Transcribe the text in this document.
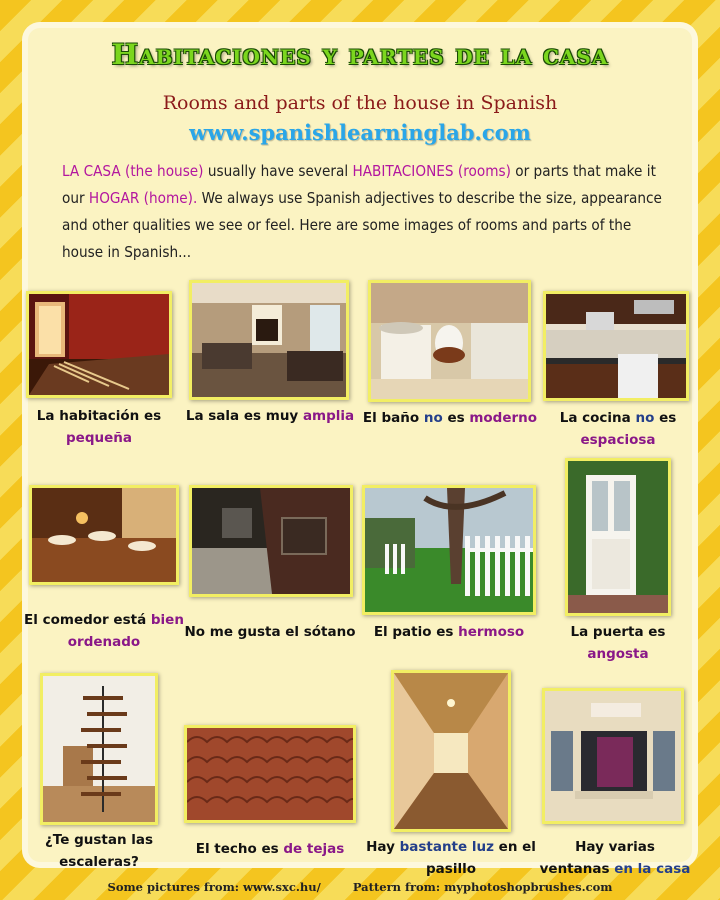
Habitaciones y partes de la casa
Rooms and parts of the house in Spanish
www.spanishlearninglab.com
LA CASA (the house) usually have several HABITACIONES (rooms) or parts that make it our HOGAR (home). We always use Spanish adjectives to describe the size, appearance and other qualities we see or feel. Here are some images of rooms and parts of the house in Spanish...
La habitación es pequeña
La sala es muy amplia El baño no es moderno	La cocina no es espaciosa
El comedor está bien ordenado
No me gusta el sótano	El patio es hermoso	La puerta es angosta
¿Te gustan las escaleras?
El techo es de tejas	Hay bastante luz en el pasillo
Hay varias ventanas en la casa
Some pictures from: www.sxc.hu/	Pattern from: myphotoshopbrushes.com
